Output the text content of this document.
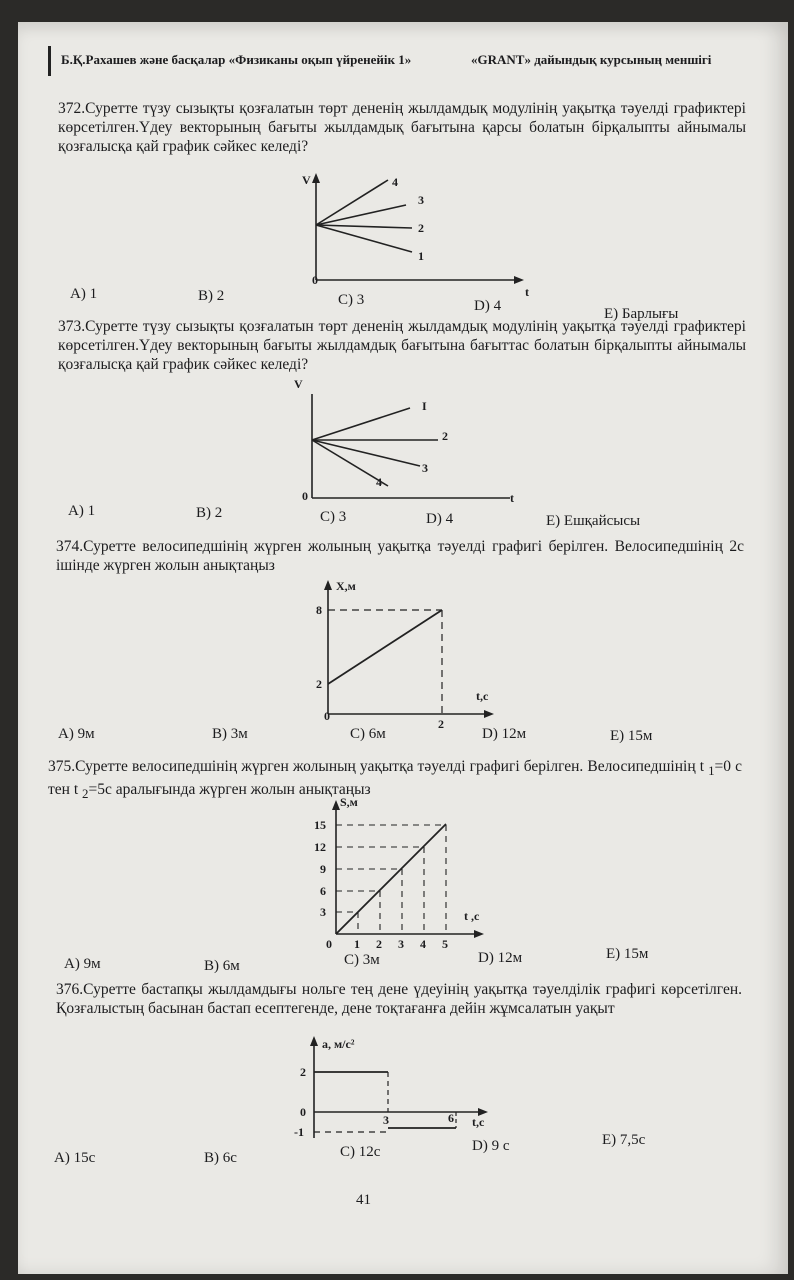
Б.Қ.Рахашев және басқалар «Физиканы оқып үйренейік 1»	«GRANT» дайындық курсының меншігі
372.Суретте түзу сызықты қозғалатын төрт дененің жылдамдық модулінің уақытқа тәуелді графиктері көрсетілген.Үдеу векторының бағыты жылдамдық бағытына қарсы болатын бірқалыпты айнымалы қозғалысқа қай график сәйкес келеді?
V	4
3
2
1
0
t
A) 1	B) 2	C) 3	D) 4	E) Барлығы
373.Суретте түзу сызықты қозғалатын төрт дененің жылдамдық модулінің уақытқа тәуелді графиктері көрсетілген.Үдеу векторының бағыты жылдамдық бағытына бағыттас болатын бірқалыпты айнымалы қозғалысқа қай график сәйкес келеді?
V
I
2
3
4
0	t
A) 1	B) 2	C) 3	D) 4	E) Ешқайсысы
374.Суретте велосипедшінің жүрген жолының уақытқа тәуелді графигі берілген. Велосипедшінің 2с ішінде жүрген жолын анықтаңыз
X,м
8
2
0
2
t,c
A) 9м	B) 3м	C) 6м	D) 12м	E) 15м
375.Суретте велосипедшінің жүрген жолының уақытқа тәуелді графигі берілген. Велосипедшінің t $_1$=0 с тен t $_2$=5с аралығында жүрген жолын анықтаңыз
S,м
15
12
9
6
3
0 1 2 3 4 5
t ,c
A) 9м	B) 6м	C) 3м	D) 12м	E) 15м
376.Суретте бастапқы жылдамдығы нольге тең дене үдеуінің уақытқа тәуелділік графигі көрсетілген. Қозғалыстың басынан бастап есептегенде, дене тоқтағанға дейін жұмсалатын уақыт
a, м/с²
2
0
-1
3	6 t,c
A) 15с	B) 6с	C) 12с	D) 9 с	E) 7,5с
41
